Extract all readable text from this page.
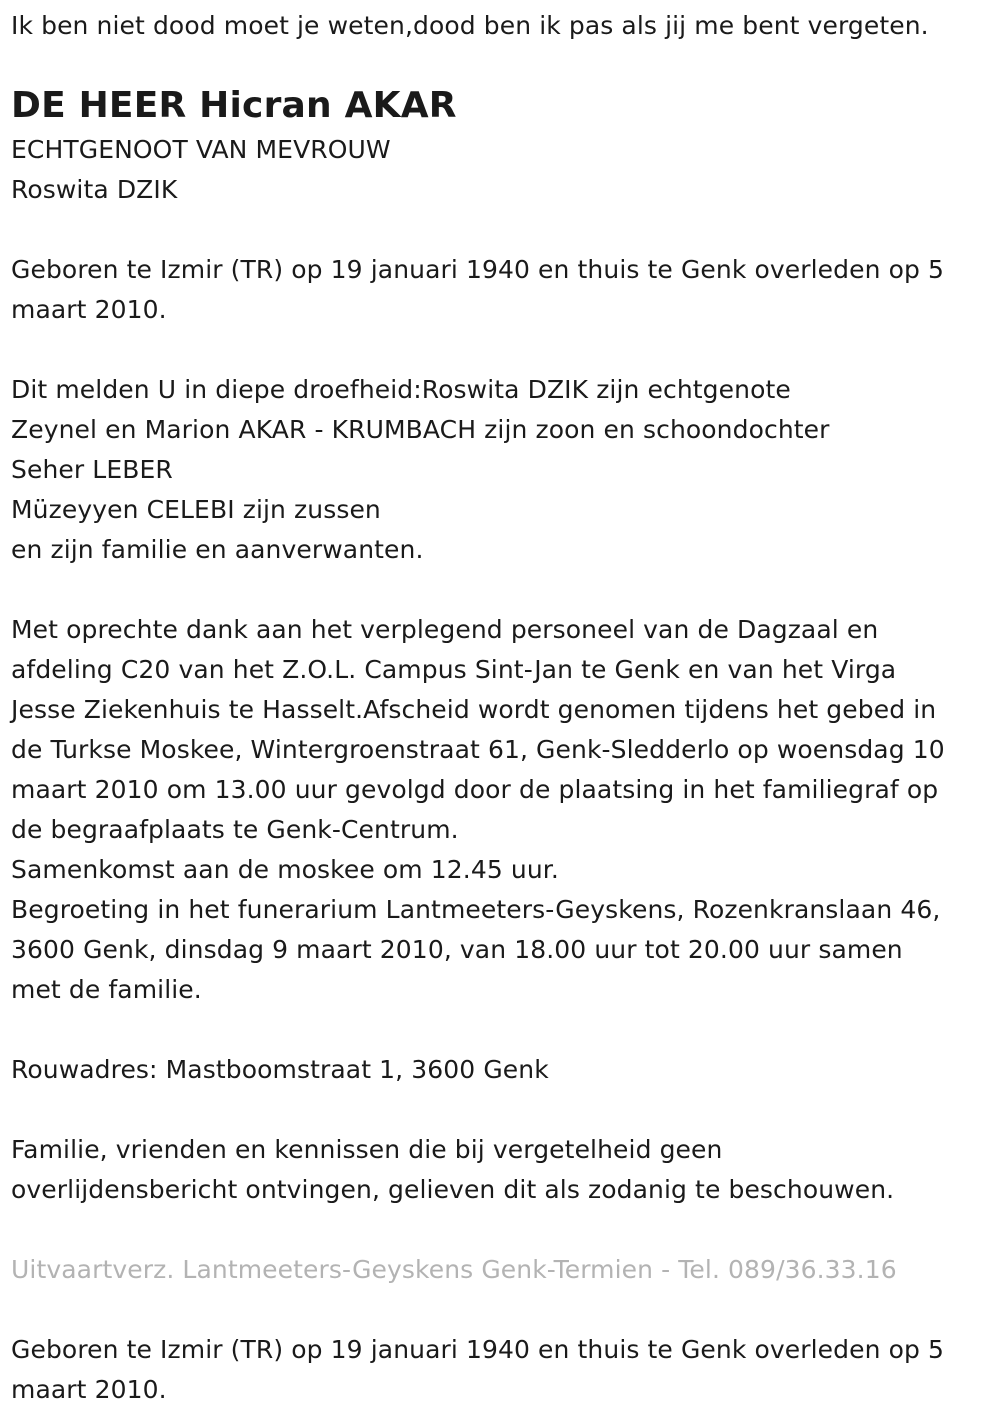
Ik ben niet dood moet je weten,dood ben ik pas als jij me bent vergeten.
DE HEER Hicran AKAR
ECHTGENOOT VAN MEVROUW
Roswita DZIK
Geboren te Izmir (TR) op 19 januari 1940 en thuis te Genk overleden op 5
maart 2010.
Dit melden U in diepe droefheid:Roswita DZIK zijn echtgenote
Zeynel en Marion AKAR - KRUMBACH zijn zoon en schoondochter
Seher LEBER
Müzeyyen CELEBI zijn zussen
en zijn familie en aanverwanten.
Met oprechte dank aan het verplegend personeel van de Dagzaal en
afdeling C20 van het Z.O.L. Campus Sint-Jan te Genk en van het Virga
Jesse Ziekenhuis te Hasselt.Afscheid wordt genomen tijdens het gebed in
de Turkse Moskee, Wintergroenstraat 61, Genk-Sledderlo op woensdag 10
maart 2010 om 13.00 uur gevolgd door de plaatsing in het familiegraf op
de begraafplaats te Genk-Centrum.
Samenkomst aan de moskee om 12.45 uur.
Begroeting in het funerarium Lantmeeters-Geyskens, Rozenkranslaan 46,
3600 Genk, dinsdag 9 maart 2010, van 18.00 uur tot 20.00 uur samen
met de familie.
Rouwadres: Mastboomstraat 1, 3600 Genk
Familie, vrienden en kennissen die bij vergetelheid geen
overlijdensbericht ontvingen, gelieven dit als zodanig te beschouwen.
Uitvaartverz. Lantmeeters-Geyskens Genk-Termien - Tel. 089/36.33.16
Geboren te Izmir (TR) op 19 januari 1940 en thuis te Genk overleden op 5
maart 2010.
